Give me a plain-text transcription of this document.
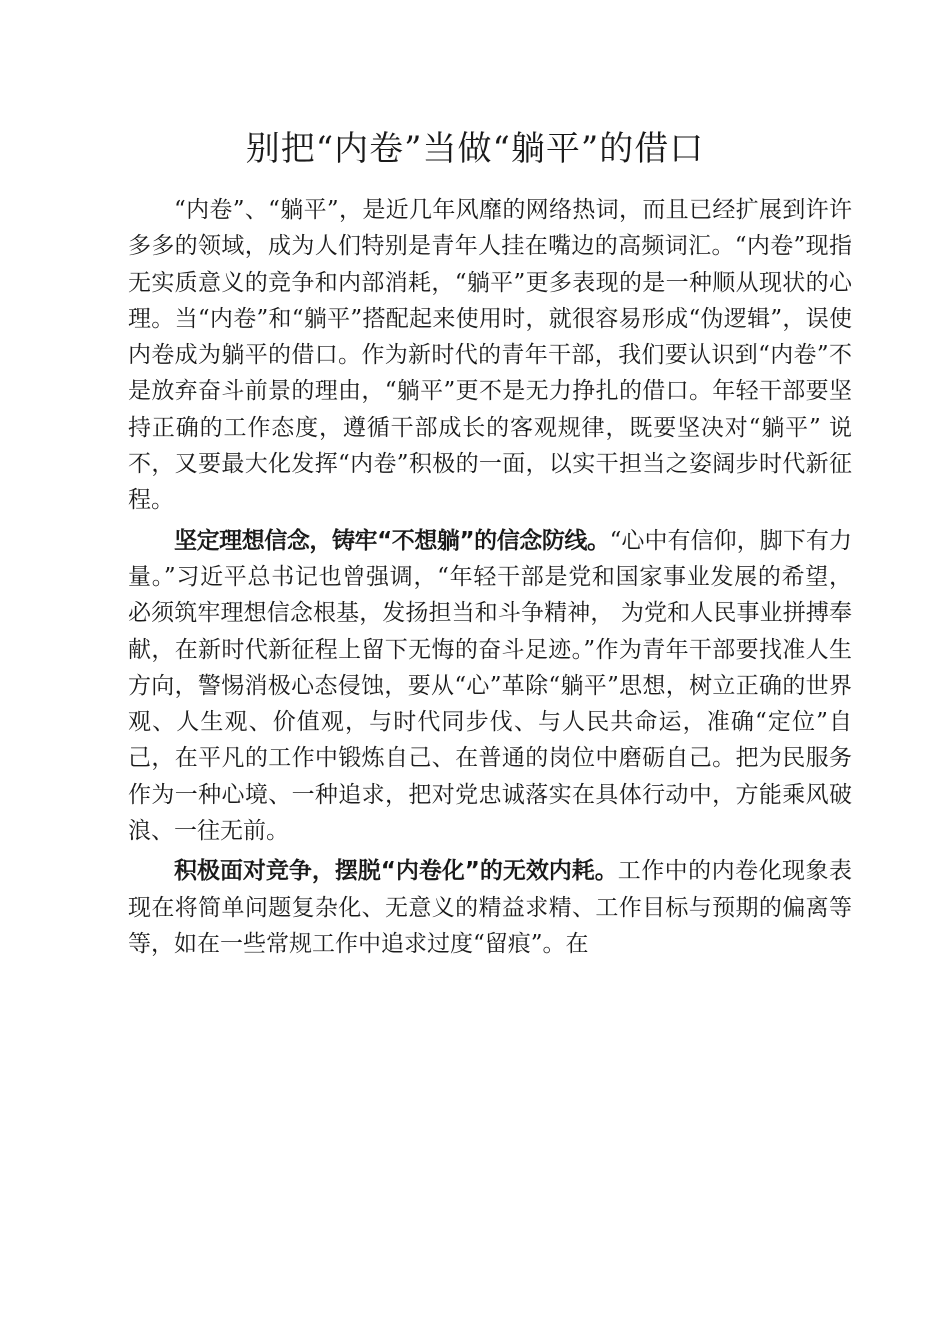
别把“内卷”当做“躺平”的借口

“内卷”、“躺平”，是近几年风靡的网络热词，而且已经扩展到许许多多的领域，成为人们特别是青年人挂在嘴边的高频词汇。“内卷”现指无实质意义的竞争和内部消耗，“躺平”更多表现的是一种顺从现状的心理。当“内卷”和“躺平”搭配起来使用时，就很容易形成“伪逻辑”，误使内卷成为躺平的借口。作为新时代的青年干部，我们要认识到“内卷”不是放弃奋斗前景的理由，“躺平”更不是无力挣扎的借口。年轻干部要坚持正确的工作态度，遵循干部成长的客观规律，既要坚决对“躺平” 说不，又要最大化发挥“内卷”积极的一面，以实干担当之姿阔步时代新征程。

坚定理想信念，铸牢“不想躺”的信念防线。“心中有信仰，脚下有力量。”习近平总书记也曾强调，“年轻干部是党和国家事业发展的希望，必须筑牢理想信念根基，发扬担当和斗争精神， 为党和人民事业拼搏奉献，在新时代新征程上留下无悔的奋斗足迹。”作为青年干部要找准人生方向，警惕消极心态侵蚀，要从“心”革除“躺平”思想，树立正确的世界观、人生观、价值观，与时代同步伐、与人民共命运，准确“定位”自己，在平凡的工作中锻炼自己、在普通的岗位中磨砺自己。把为民服务作为一种心境、一种追求，把对党忠诚落实在具体行动中，方能乘风破浪、一往无前。

积极面对竞争，摆脱“内卷化”的无效内耗。工作中的内卷化现象表现在将简单问题复杂化、无意义的精益求精、工作目标与预期的偏离等等，如在一些常规工作中追求过度“留痕”。在
